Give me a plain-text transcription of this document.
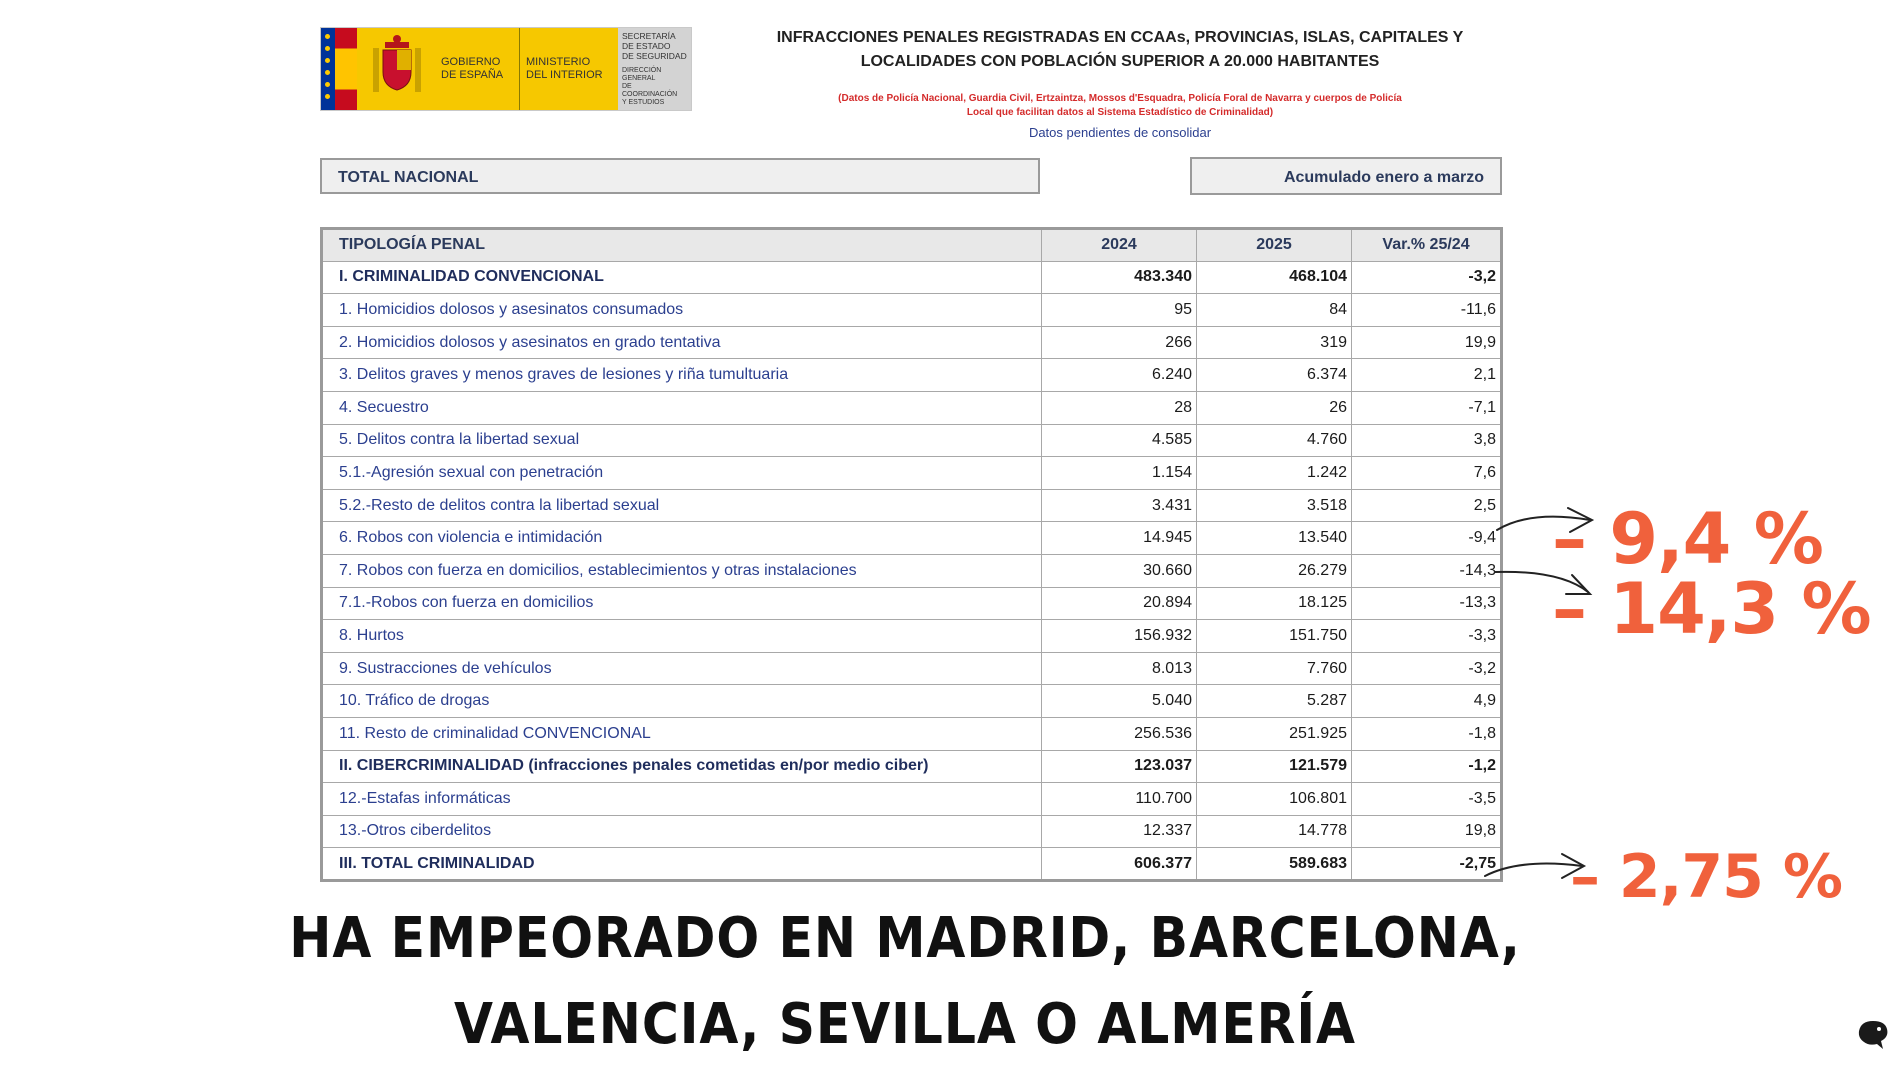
GOBIERNO
DE ESPAÑA
MINISTERIO
DEL INTERIOR
SECRETARÍA
DE ESTADO
DE SEGURIDAD
DIRECCIÓN GENERAL
DE COORDINACIÓN
Y ESTUDIOS
INFRACCIONES PENALES REGISTRADAS EN CCAAs, PROVINCIAS, ISLAS, CAPITALES Y
LOCALIDADES CON POBLACIÓN SUPERIOR A 20.000 HABITANTES
(Datos de Policía Nacional, Guardia Civil, Ertzaintza, Mossos d'Esquadra, Policía Foral de Navarra y cuerpos de Policía
Local que facilitan datos al Sistema Estadístico de Criminalidad)
Datos pendientes de consolidar
TOTAL NACIONAL	Acumulado enero a marzo
TIPOLOGÍA PENAL	2024	2025	Var.% 25/24
I. CRIMINALIDAD CONVENCIONAL	483.340	468.104	-3,2
1. Homicidios dolosos y asesinatos consumados	95	84	-11,6
2. Homicidios dolosos y asesinatos en grado tentativa	266	319	19,9
3. Delitos graves y menos graves de lesiones y riña tumultuaria	6.240	6.374	2,1
4. Secuestro	28	26	-7,1
5. Delitos contra la libertad sexual	4.585	4.760	3,8
5.1.-Agresión sexual con penetración	1.154	1.242	7,6
5.2.-Resto de delitos contra la libertad sexual	3.431	3.518	2,5
6. Robos con violencia e intimidación	14.945	13.540	-9,4
7. Robos con fuerza en domicilios, establecimientos y otras instalaciones	30.660	26.279	-14,3
7.1.-Robos con fuerza en domicilios	20.894	18.125	-13,3
8. Hurtos	156.932	151.750	-3,3
9. Sustracciones de vehículos	8.013	7.760	-3,2
10. Tráfico de drogas	5.040	5.287	4,9
11. Resto de criminalidad CONVENCIONAL	256.536	251.925	-1,8
II. CIBERCRIMINALIDAD (infracciones penales cometidas en/por medio ciber)	123.037	121.579	-1,2
12.-Estafas informáticas	110.700	106.801	-3,5
13.-Otros ciberdelitos	12.337	14.778	19,8
III. TOTAL CRIMINALIDAD	606.377	589.683	-2,75
– 9,4 %
– 14,3 %
– 2,75 %
HA EMPEORADO EN MADRID, BARCELONA,
VALENCIA, SEVILLA O ALMERÍA
